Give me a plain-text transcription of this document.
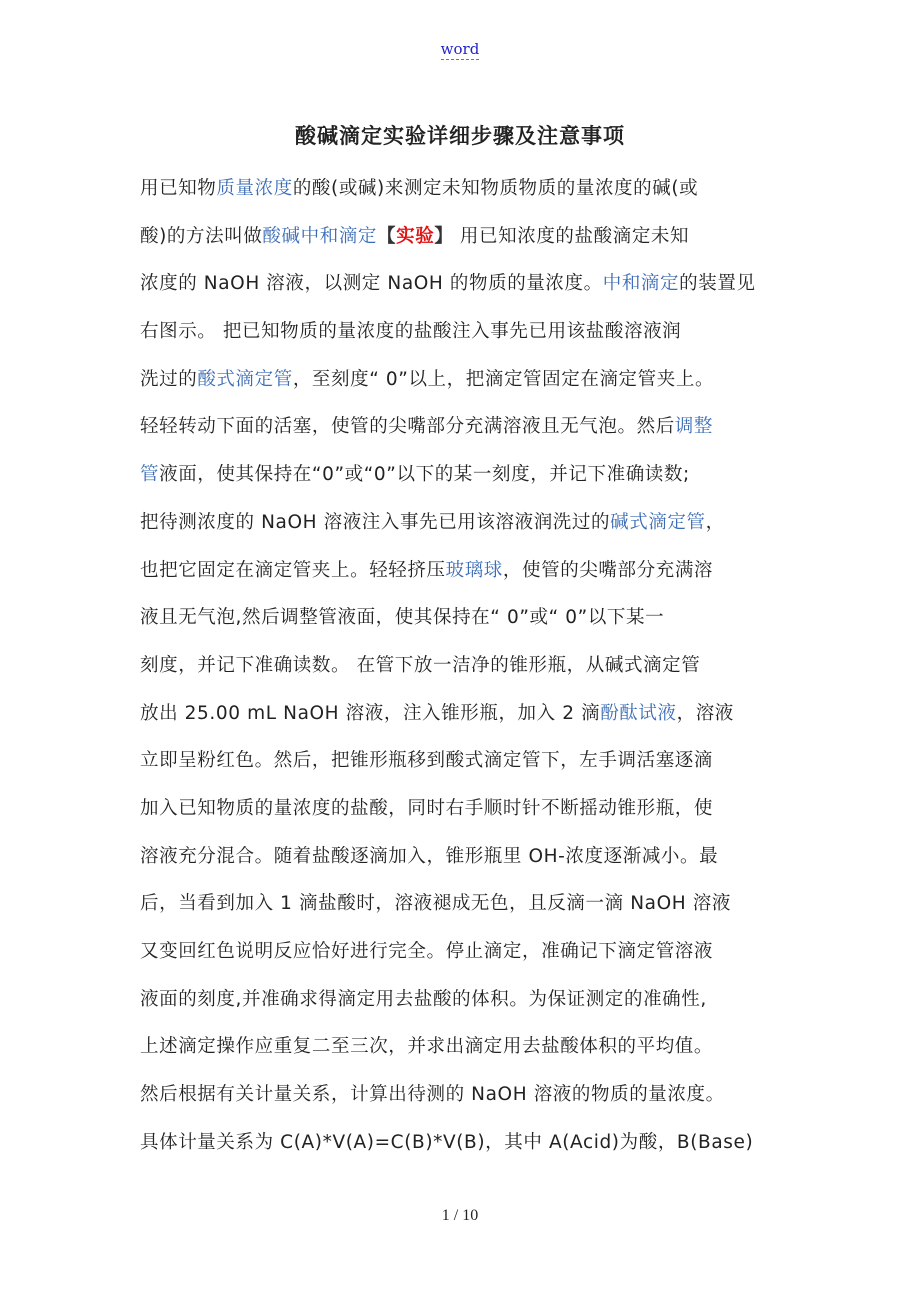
word
酸碱滴定实验详细步骤及注意事项
用已知物质量浓度的酸(或碱)来测定未知物质物质的量浓度的碱(或
酸)的方法叫做酸碱中和滴定【实验】 用已知浓度的盐酸滴定未知
浓度的 NaOH 溶液，以测定 NaOH 的物质的量浓度。中和滴定的装置见
右图示。 把已知物质的量浓度的盐酸注入事先已用该盐酸溶液润
洗过的酸式滴定管，至刻度“ 0”以上，把滴定管固定在滴定管夹上。
轻轻转动下面的活塞，使管的尖嘴部分充满溶液且无气泡。然后调整
管液面，使其保持在“0”或“0”以下的某一刻度，并记下准确读数;
把待测浓度的 NaOH 溶液注入事先已用该溶液润洗过的碱式滴定管，
也把它固定在滴定管夹上。轻轻挤压玻璃球，使管的尖嘴部分充满溶
液且无气泡,然后调整管液面，使其保持在“ 0”或“ 0”以下某一
刻度，并记下准确读数。 在管下放一洁净的锥形瓶，从碱式滴定管
放出 25.00 mL NaOH 溶液，注入锥形瓶，加入 2 滴酚酞试液，溶液
立即呈粉红色。然后，把锥形瓶移到酸式滴定管下，左手调活塞逐滴
加入已知物质的量浓度的盐酸，同时右手顺时针不断摇动锥形瓶，使
溶液充分混合。随着盐酸逐滴加入，锥形瓶里 OH-浓度逐渐减小。最
后，当看到加入 1 滴盐酸时，溶液褪成无色，且反滴一滴 NaOH 溶液
又变回红色说明反应恰好进行完全。停止滴定，准确记下滴定管溶液
液面的刻度,并准确求得滴定用去盐酸的体积。为保证测定的准确性,
上述滴定操作应重复二至三次，并求出滴定用去盐酸体积的平均值。
然后根据有关计量关系，计算出待测的 NaOH 溶液的物质的量浓度。
具体计量关系为 C(A)*V(A)=C(B)*V(B)，其中 A(Acid)为酸，B(Base)
1 / 10
